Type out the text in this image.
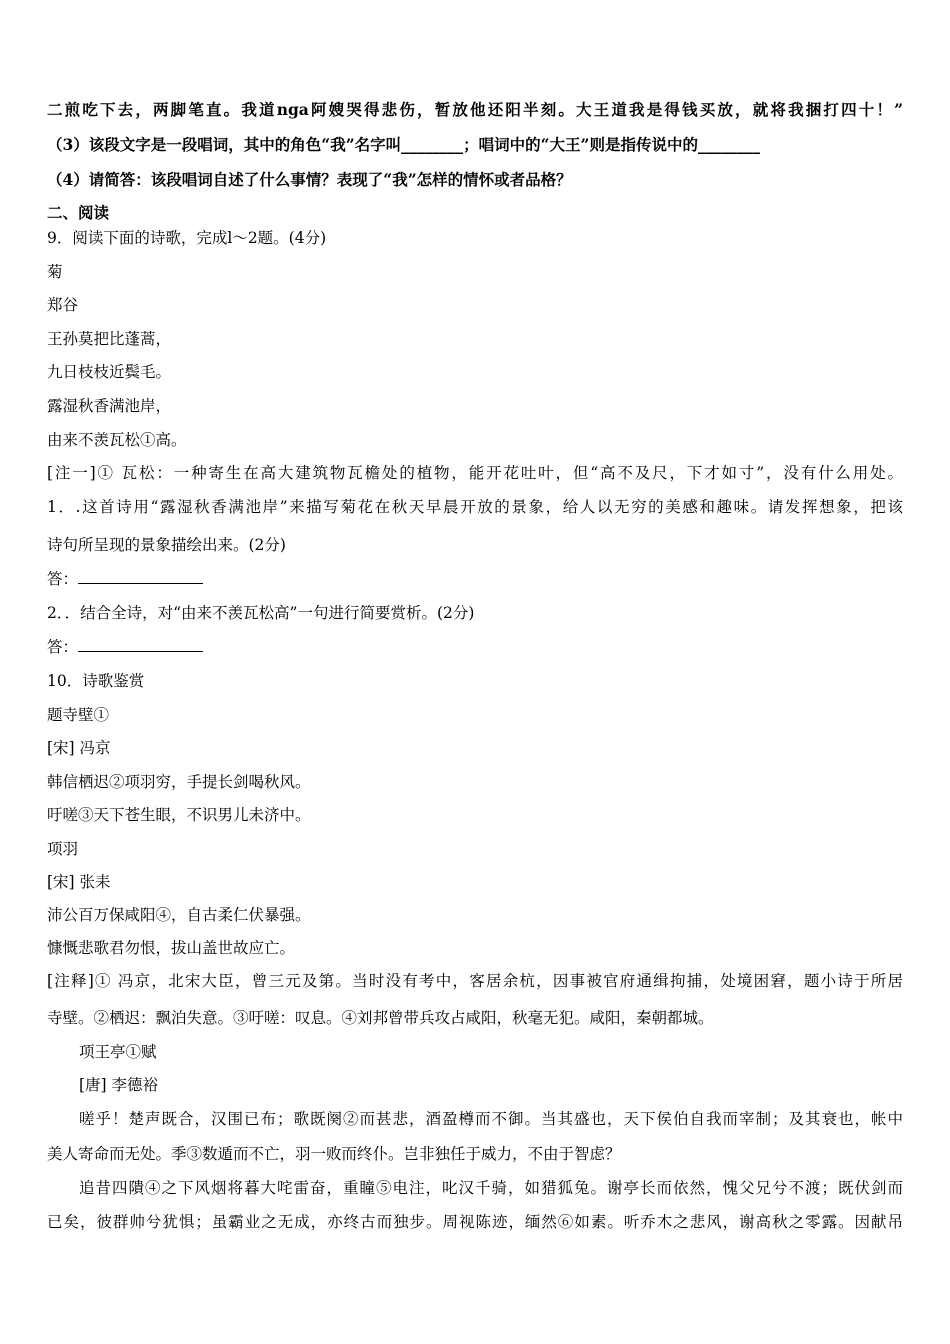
二煎吃下去，两脚笔直。我道nga阿嫂哭得悲伤，暂放他还阳半刻。大王道我是得钱买放，就将我捆打四十！”
（3）该段文字是一段唱词，其中的角色“我”名字叫________；唱词中的“大王”则是指传说中的________
（4）请简答：该段唱词自述了什么事情？表现了“我”怎样的情怀或者品格？
二、阅读
9．阅读下面的诗歌，完成l～2题。(4分)
菊
郑谷
王孙莫把比蓬蒿，
九日枝枝近鬓毛。
露湿秋香满池岸，
由来不羡瓦松①高。
[注一]① 瓦松：一种寄生在高大建筑物瓦檐处的植物，能开花吐叶，但“高不及尺，下才如寸”，没有什么用处。
1．.这首诗用“露湿秋香满池岸”来描写菊花在秋天早晨开放的景象，给人以无穷的美感和趣味。请发挥想象，把该
诗句所呈现的景象描绘出来。(2分)
答：
2．．结合全诗，对“由来不羡瓦松高”一句进行简要赏析。(2分)
答：
10．诗歌鉴赏
题寺壁①
[宋] 冯京
韩信栖迟②项羽穷，手提长剑喝秋风。
吁嗟③天下苍生眼，不识男儿未济中。
项羽
[宋] 张耒
沛公百万保咸阳④，自古柔仁伏暴强。
慷慨悲歌君勿恨，拔山盖世故应亡。
[注释]① 冯京，北宋大臣，曾三元及第。当时没有考中，客居余杭，因事被官府通缉拘捕，处境困窘，题小诗于所居
寺壁。②栖迟：飘泊失意。③吁嗟：叹息。④刘邦曾带兵攻占咸阳，秋毫无犯。咸阳，秦朝都城。
项王亭①赋
[唐] 李德裕
嗟乎！楚声既合，汉围已布；歌既阕②而甚悲，酒盈樽而不御。当其盛也，天下侯伯自我而宰制；及其衰也，帐中
美人寄命而无处。季③数遁而不亡，羽一败而终仆。岂非独任于威力，不由于智虑？
追昔四隤④之下风烟将暮大咤雷奋，重瞳⑤电注，叱汉千骑，如猎狐兔。谢亭长而依然，愧父兄兮不渡；既伏剑而
已矣，彼群帅兮犹惧；虽霸业之无成，亦终古而独步。周视陈迹，缅然⑥如素。听乔木之悲风，谢高秋之零露。因献吊
